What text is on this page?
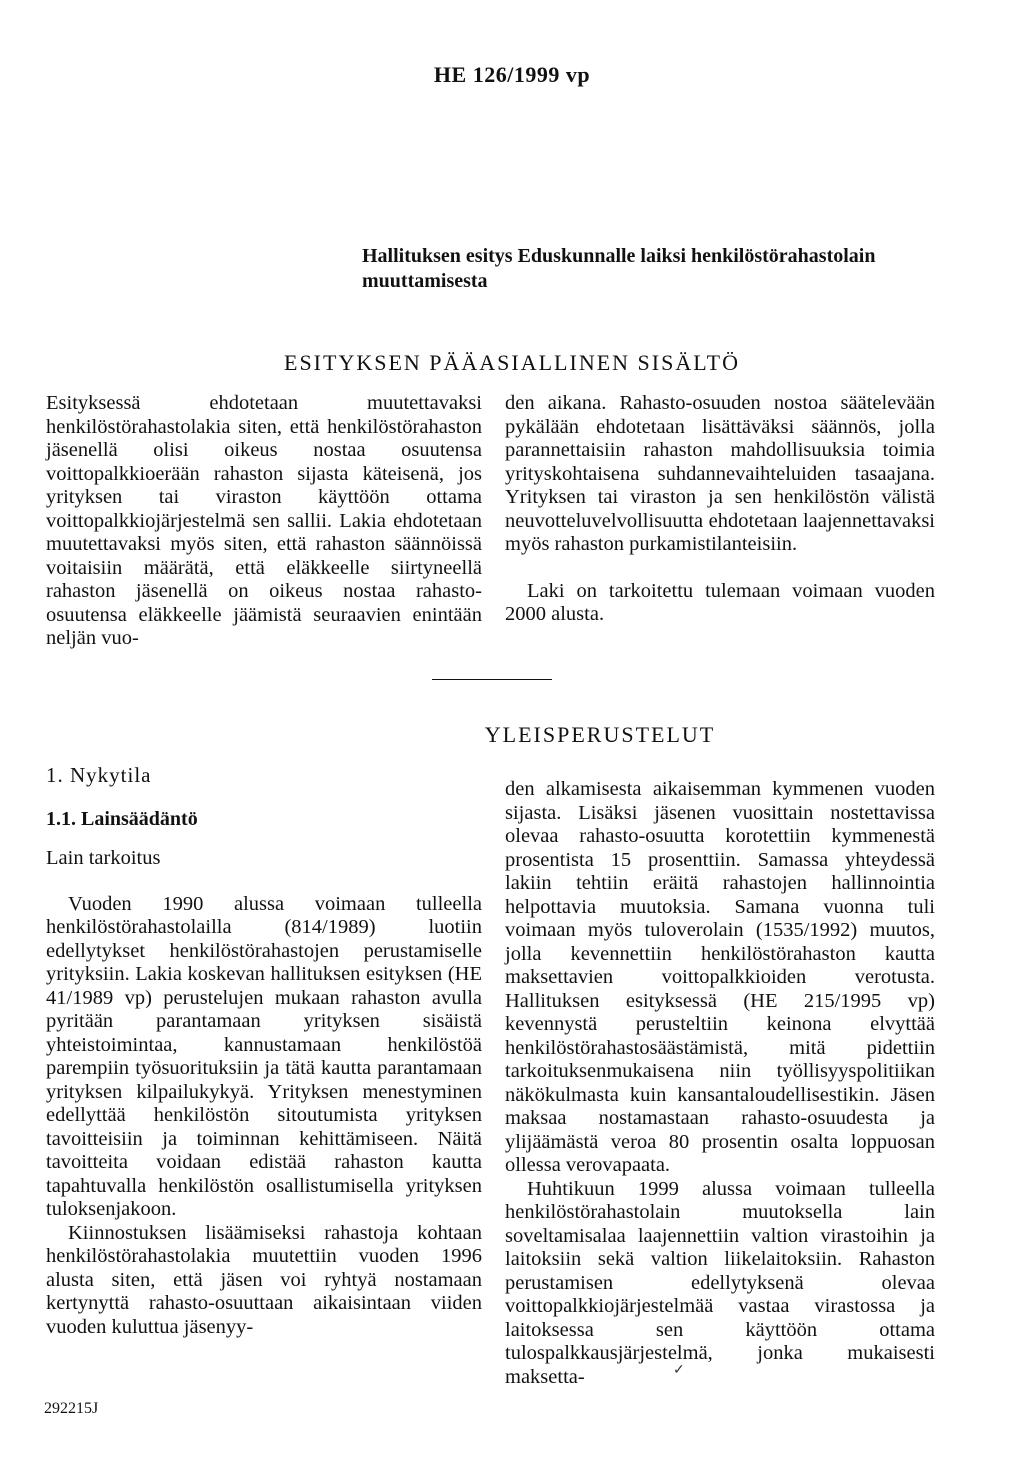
HE 126/1999 vp
Hallituksen esitys Eduskunnalle laiksi henkilöstörahastolain muuttamisesta
ESITYKSEN PÄÄASIALLINEN SISÄLTÖ

Esityksessä ehdotetaan muutettavaksi henkilöstörahastolakia siten, että henkilöstörahaston jäsenellä olisi oikeus nostaa osuutensa voittopalkkioerään rahaston sijasta käteisenä, jos yrityksen tai viraston käyttöön ottama voittopalkkiojärjestelmä sen sallii. Lakia ehdotetaan muutettavaksi myös siten, että rahaston säännöissä voitaisiin määrätä, että eläkkeelle siirtyneellä rahaston jäsenellä on oikeus nostaa rahasto-osuutensa eläkkeelle jäämistä seuraavien enintään neljän vuo-

den aikana. Rahasto-osuuden nostoa säätelevään pykälään ehdotetaan lisättäväksi säännös, jolla parannettaisiin rahaston mahdollisuuksia toimia yrityskohtaisena suhdannevaihteluiden tasaajana. Yrityksen tai viraston ja sen henkilöstön välistä neuvotteluvelvollisuutta ehdotetaan laajennettavaksi myös rahaston purkamistilanteisiin.

Laki on tarkoitettu tulemaan voimaan vuoden 2000 alusta.

YLEISPERUSTELUT

1. Nykytila

1.1. Lainsäädäntö

Lain tarkoitus

Vuoden 1990 alussa voimaan tulleella henkilöstörahastolailla (814/1989) luotiin edellytykset henkilöstörahastojen perustamiselle yrityksiin. Lakia koskevan hallituksen esityksen (HE 41/1989 vp) perustelujen mukaan rahaston avulla pyritään parantamaan yrityksen sisäistä yhteistoimintaa, kannustamaan henkilöstöä parempiin työsuorituksiin ja tätä kautta parantamaan yrityksen kilpailukykyä. Yrityksen menestyminen edellyttää henkilöstön sitoutumista yrityksen tavoitteisiin ja toiminnan kehittämiseen. Näitä tavoitteita voidaan edistää rahaston kautta tapahtuvalla henkilöstön osallistumisella yrityksen tuloksenjakoon.

Kiinnostuksen lisäämiseksi rahastoja kohtaan henkilöstörahastolakia muutettiin vuoden 1996 alusta siten, että jäsen voi ryhtyä nostamaan kertynyttä rahasto-osuuttaan aikaisintaan viiden vuoden kuluttua jäsenyy-

den alkamisesta aikaisemman kymmenen vuoden sijasta. Lisäksi jäsenen vuosittain nostettavissa olevaa rahasto-osuutta korotettiin kymmenestä prosentista 15 prosenttiin. Samassa yhteydessä lakiin tehtiin eräitä rahastojen hallinnointia helpottavia muutoksia. Samana vuonna tuli voimaan myös tuloverolain (1535/1992) muutos, jolla kevennettiin henkilöstörahaston kautta maksettavien voittopalkkioiden verotusta. Hallituksen esityksessä (HE 215/1995 vp) kevennystä perusteltiin keinona elvyttää henkilöstörahastosäästämistä, mitä pidettiin tarkoituksenmukaisena niin työllisyyspolitiikan näkökulmasta kuin kansantaloudellisestikin. Jäsen maksaa nostamastaan rahasto-osuudesta ja ylijäämästä veroa 80 prosentin osalta loppuosan ollessa verovapaata.

Huhtikuun 1999 alussa voimaan tulleella henkilöstörahastolain muutoksella lain soveltamisalaa laajennettiin valtion virastoihin ja laitoksiin sekä valtion liikelaitoksiin. Rahaston perustamisen edellytyksenä olevaa voittopalkkiojärjestelmää vastaa virastossa ja laitoksessa sen käyttöön ottama tulospalkkausjärjestelmä, jonka mukaisesti maksetta-	✓
292215J
